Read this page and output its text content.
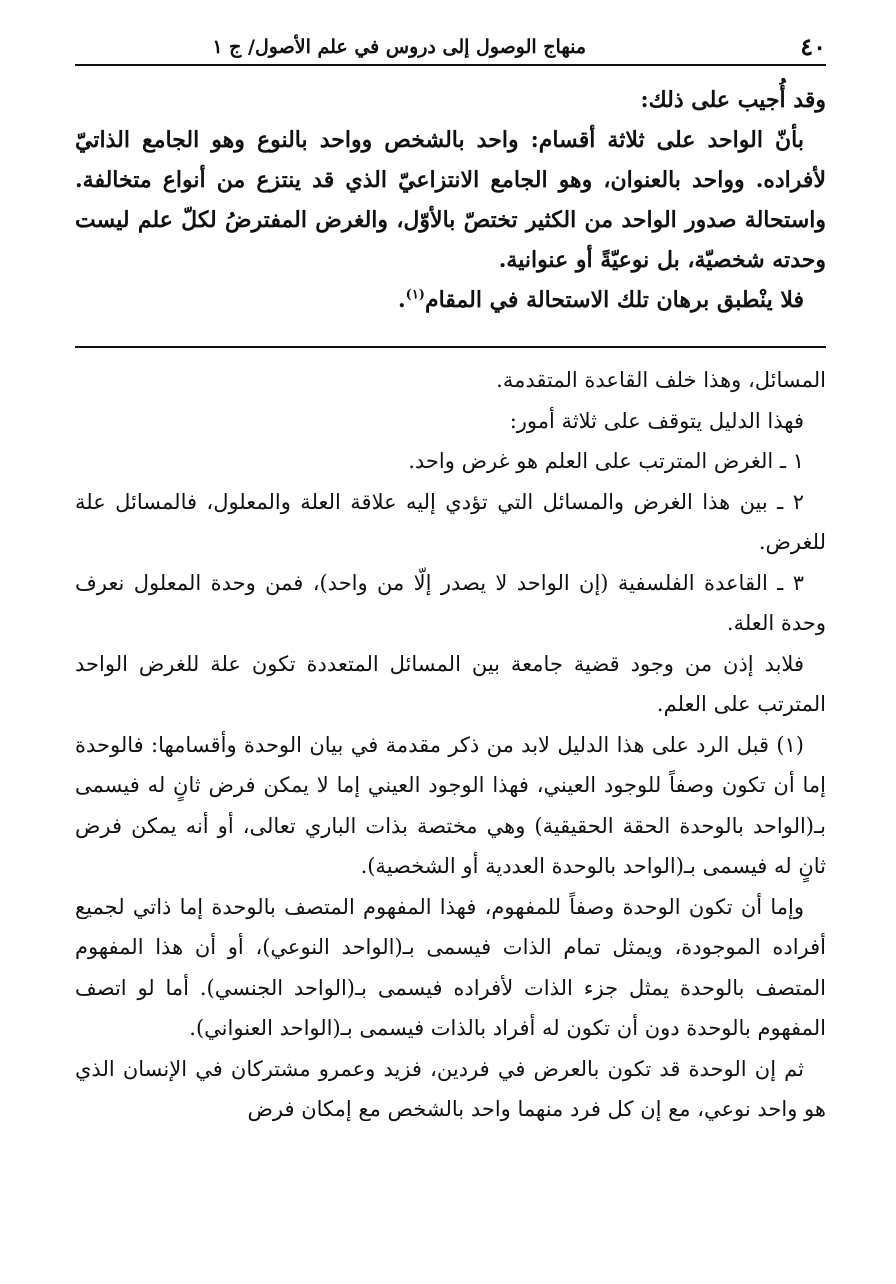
٤٠
منهاج الوصول إلى دروس في علم الأصول/ ج ١

وقد أُجيب على ذلك:

بأنّ الواحد على ثلاثة أقسام: واحد بالشخص وواحد بالنوع وهو الجامع الذاتيّ لأفراده. وواحد بالعنوان، وهو الجامع الانتزاعيّ الذي قد ينتزع من أنواع متخالفة. واستحالة صدور الواحد من الكثير تختصّ بالأوّل، والغرض المفترضُ لكلّ علم ليست وحدته شخصيّة، بل نوعيّةً أو عنوانية.

فلا ينْطبق برهان تلك الاستحالة في المقام$^{(١)}$.

المسائل، وهذا خلف القاعدة المتقدمة.

فهذا الدليل يتوقف على ثلاثة أمور:

١ ـ الغرض المترتب على العلم هو غرض واحد.

٢ ـ بين هذا الغرض والمسائل التي تؤدي إليه علاقة العلة والمعلول، فالمسائل علة للغرض.

٣ ـ القاعدة الفلسفية (إن الواحد لا يصدر إلّا من واحد)، فمن وحدة المعلول نعرف وحدة العلة.

فلابد إذن من وجود قضية جامعة بين المسائل المتعددة تكون علة للغرض الواحد المترتب على العلم.

(١) قبل الرد على هذا الدليل لابد من ذكر مقدمة في بيان الوحدة وأقسامها: فالوحدة إما أن تكون وصفاً للوجود العيني، فهذا الوجود العيني إما لا يمكن فرض ثانٍ له فيسمى بـ(الواحد بالوحدة الحقة الحقيقية) وهي مختصة بذات الباري تعالى، أو أنه يمكن فرض ثانٍ له فيسمى بـ(الواحد بالوحدة العددية أو الشخصية).

وإما أن تكون الوحدة وصفاً للمفهوم، فهذا المفهوم المتصف بالوحدة إما ذاتي لجميع أفراده الموجودة، ويمثل تمام الذات فيسمى بـ(الواحد النوعي)، أو أن هذا المفهوم المتصف بالوحدة يمثل جزء الذات لأفراده فيسمى بـ(الواحد الجنسي). أما لو اتصف المفهوم بالوحدة دون أن تكون له أفراد بالذات فيسمى بـ(الواحد العنواني).

ثم إن الوحدة قد تكون بالعرض في فردين، فزيد وعمرو مشتركان في الإنسان الذي هو واحد نوعي، مع إن كل فرد منهما واحد بالشخص مع إمكان فرض
